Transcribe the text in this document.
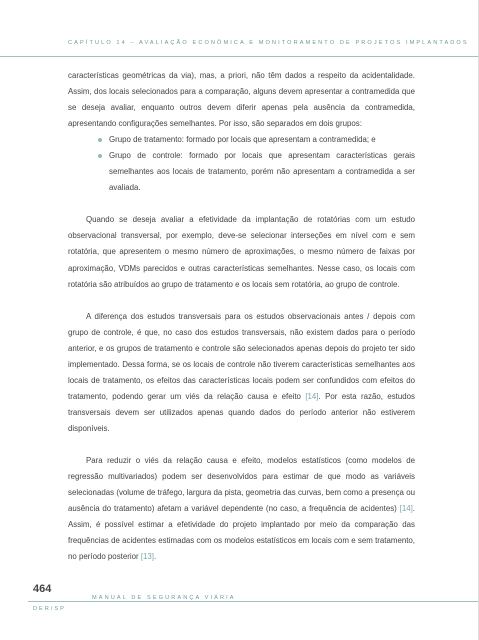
CAPÍTULO 14 – AVALIAÇÃO ECONÔMICA E MONITORAMENTO DE PROJETOS IMPLANTADOS

características geométricas da via), mas, a priori, não têm dados a respeito da acidentalidade. Assim, dos locais selecionados para a comparação, alguns devem apresentar a contramedida que se deseja avaliar, enquanto outros devem diferir apenas pela ausência da contramedida, apresentando configurações semelhantes. Por isso, são separados em dois grupos:

Grupo de tratamento: formado por locais que apresentam a contramedida; e
Grupo de controle: formado por locais que apresentam características gerais semelhantes aos locais de tratamento, porém não apresentam a contramedida a ser avaliada.

Quando se deseja avaliar a efetividade da implantação de rotatórias com um estudo observacional transversal, por exemplo, deve-se selecionar interseções em nível com e sem rotatória, que apresentem o mesmo número de aproximações, o mesmo número de faixas por aproximação, VDMs parecidos e outras características semelhantes. Nesse caso, os locais com rotatória são atribuídos ao grupo de tratamento e os locais sem rotatória, ao grupo de controle.

A diferença dos estudos transversais para os estudos observacionais antes / depois com grupo de controle, é que, no caso dos estudos transversais, não existem dados para o período anterior, e os grupos de tratamento e controle são selecionados apenas depois do projeto ter sido implementado. Dessa forma, se os locais de controle não tiverem características semelhantes aos locais de tratamento, os efeitos das características locais podem ser confundidos com efeitos do tratamento, podendo gerar um viés da relação causa e efeito [14]. Por esta razão, estudos transversais devem ser utilizados apenas quando dados do período anterior não estiverem disponíveis.

Para reduzir o viés da relação causa e efeito, modelos estatísticos (como modelos de regressão multivariados) podem ser desenvolvidos para estimar de que modo as variáveis selecionadas (volume de tráfego, largura da pista, geometria das curvas, bem como a presença ou ausência do tratamento) afetam a variável dependente (no caso, a frequência de acidentes) [14]. Assim, é possível estimar a efetividade do projeto implantado por meio da comparação das frequências de acidentes estimadas com os modelos estatísticos em locais com e sem tratamento, no período posterior [13].

464
MANUAL DE SEGURANÇA VIÁRIA
DER/SP
